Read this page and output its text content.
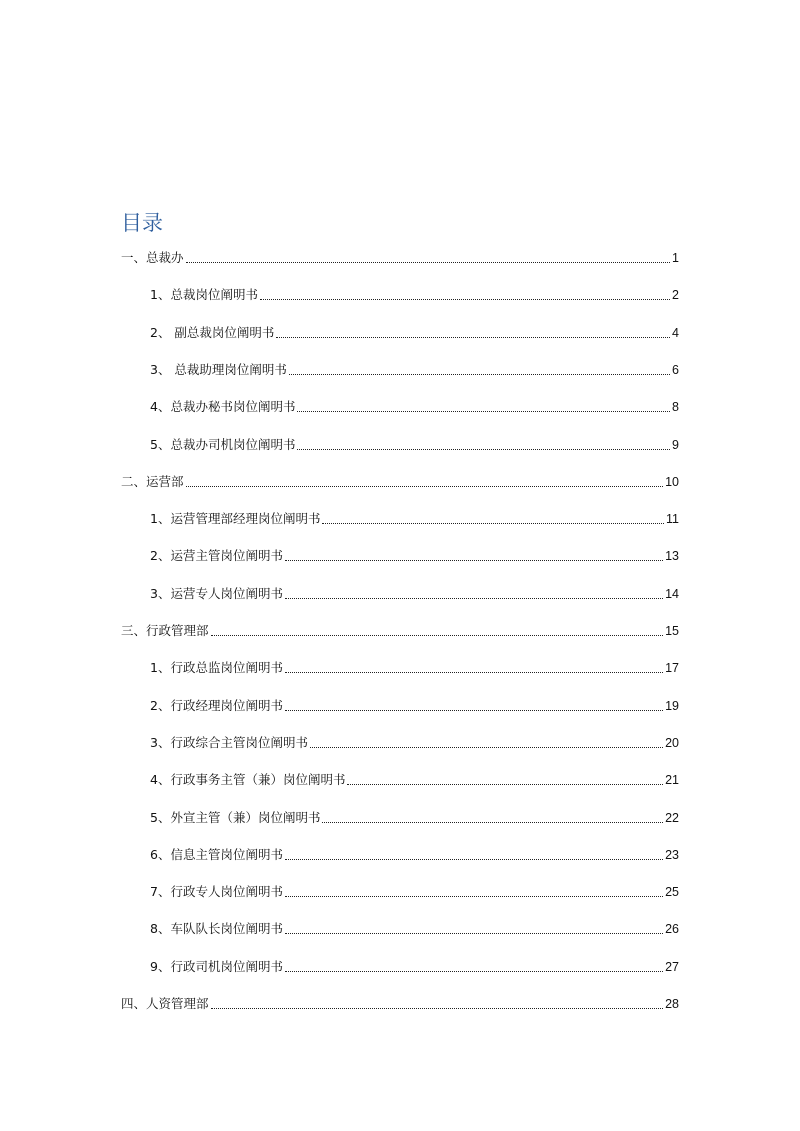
目录
一、总裁办	1
1、总裁岗位阐明书	2
2、 副总裁岗位阐明书	4
3、 总裁助理岗位阐明书	6
4、总裁办秘书岗位阐明书	8
5、总裁办司机岗位阐明书	9
二、运营部	10
1、运营管理部经理岗位阐明书	11
2、运营主管岗位阐明书	13
3、运营专人岗位阐明书	14
三、行政管理部	15
1、行政总监岗位阐明书	17
2、行政经理岗位阐明书	19
3、行政综合主管岗位阐明书	20
4、行政事务主管（兼）岗位阐明书	21
5、外宣主管（兼）岗位阐明书	22
6、信息主管岗位阐明书	23
7、行政专人岗位阐明书	25
8、车队队长岗位阐明书	26
9、行政司机岗位阐明书	27
四、人资管理部	28
